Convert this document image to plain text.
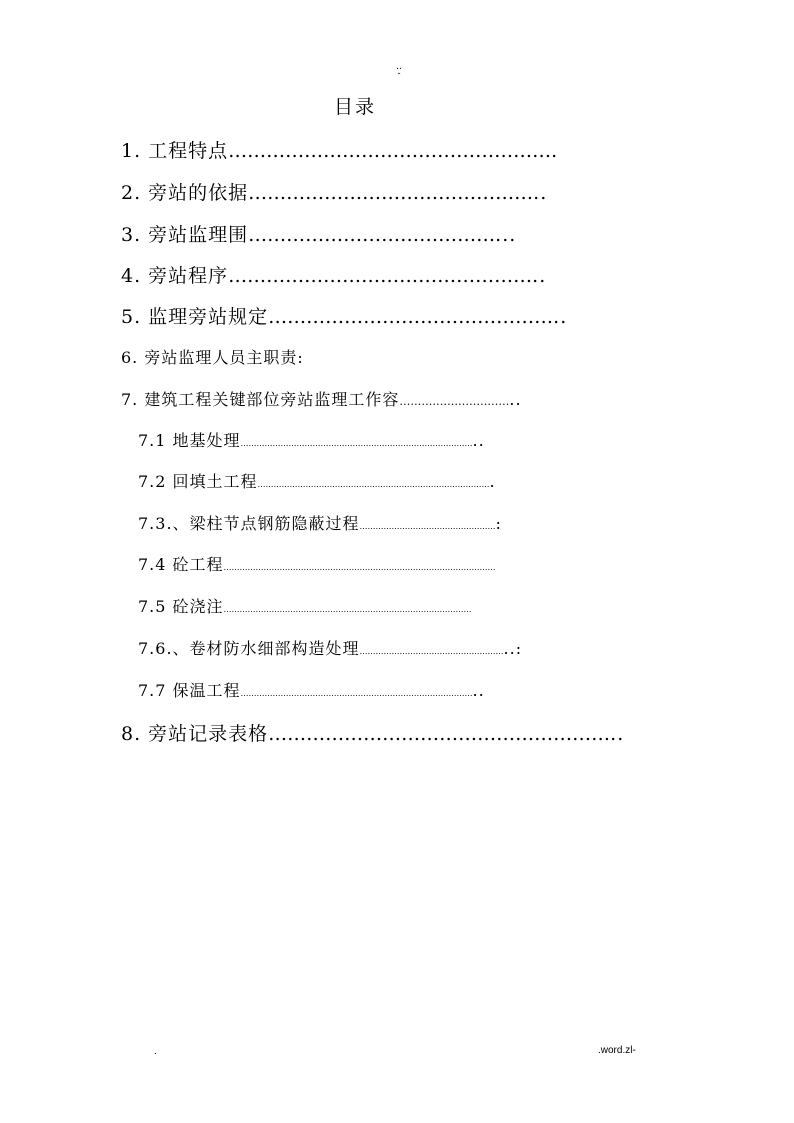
..
-
目录
1. 工程特点…………………………………………….
2. 旁站的依据………………………………………..
3. 旁站监理围…………………………………...
4. 旁站程序…………………………………………..
5. 监理旁站规定………………………………………..
6. 旁站监理人员主职责:
7. 建筑工程关键部位旁站监理工作容…………………………..
7.1 地基处理……………………………………………………………………………..
7.2 回填土工程…………………………………………………………………………….
7.3.、梁柱节点钢筋隐蔽过程……………………………………………:
7.4 砼工程…………………………………………………………………………………………
7.5 砼浇注…………………………………………………………………………………
7.6.、卷材防水细部构造处理………………………………………………..:
7.7 保温工程……………………………………………………………………………..
8. 旁站记录表格………………………………………………..
.	.word.zl-
